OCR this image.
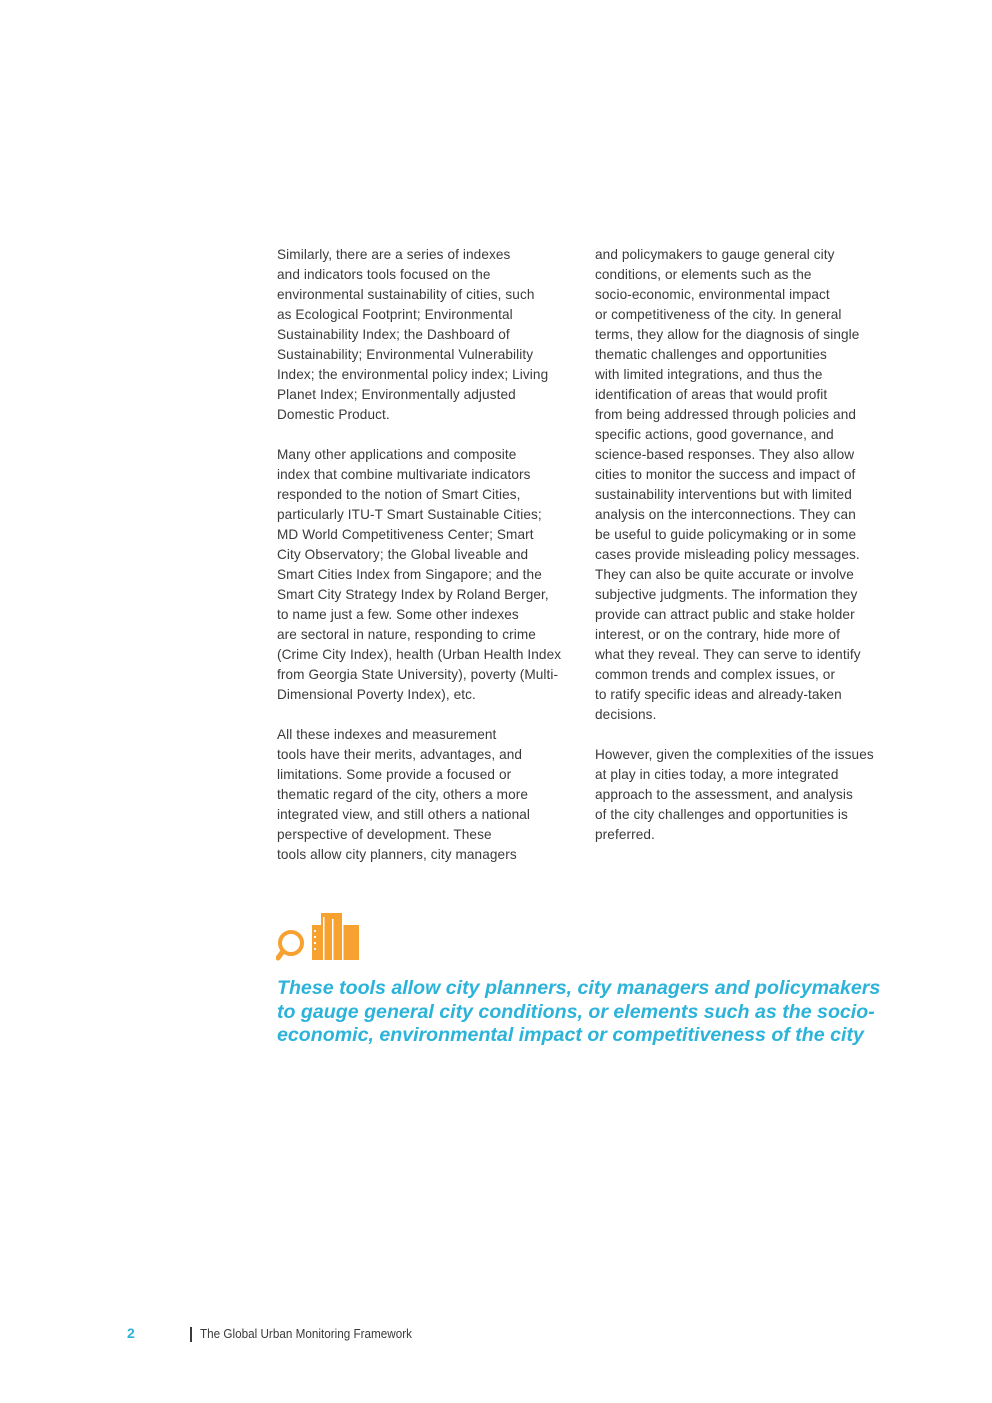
Similarly, there are a series of indexes
and indicators tools focused on the
environmental sustainability of cities, such
as Ecological Footprint; Environmental
Sustainability Index; the Dashboard of
Sustainability; Environmental Vulnerability
Index; the environmental policy index; Living
Planet Index; Environmentally adjusted
Domestic Product.
Many other applications and composite
index that combine multivariate indicators
responded to the notion of Smart Cities,
particularly ITU-T Smart Sustainable Cities;
MD World Competitiveness Center; Smart
City Observatory; the Global liveable and
Smart Cities Index from Singapore; and the
Smart City Strategy Index by Roland Berger,
to name just a few. Some other indexes
are sectoral in nature, responding to crime
(Crime City Index), health (Urban Health Index
from Georgia State University), poverty (Multi-
Dimensional Poverty Index), etc.
All these indexes and measurement
tools have their merits, advantages, and
limitations. Some provide a focused or
thematic regard of the city, others a more
integrated view, and still others a national
perspective of development. These
tools allow city planners, city managers
and policymakers to gauge general city
conditions, or elements such as the
socio-economic, environmental impact
or competitiveness of the city. In general
terms, they allow for the diagnosis of single
thematic challenges and opportunities
with limited integrations, and thus the
identification of areas that would profit
from being addressed through policies and
specific actions, good governance, and
science-based responses. They also allow
cities to monitor the success and impact of
sustainability interventions but with limited
analysis on the interconnections. They can
be useful to guide policymaking or in some
cases provide misleading policy messages.
They can also be quite accurate or involve
subjective judgments. The information they
provide can attract public and stake holder
interest, or on the contrary, hide more of
what they reveal. They can serve to identify
common trends and complex issues, or
to ratify specific ideas and already-taken
decisions.
However, given the complexities of the issues
at play in cities today, a more integrated
approach to the assessment, and analysis
of the city challenges and opportunities is
preferred.
These tools allow city planners, city managers and policymakers
to gauge general city conditions, or elements such as the socio-
economic, environmental impact or competitiveness of the city
2	The Global Urban Monitoring Framework
